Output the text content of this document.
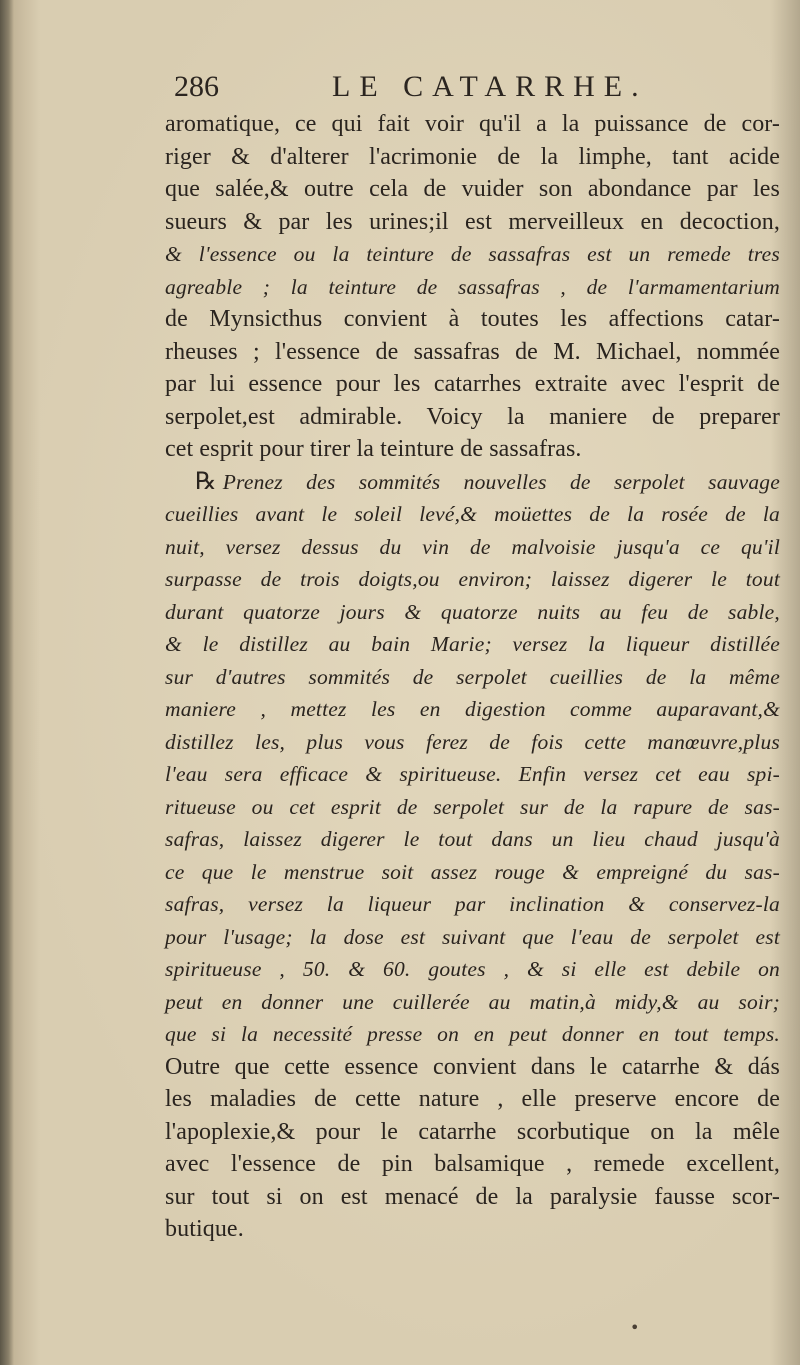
286	LE CATARRHE.
aromatique, ce qui fait voir qu'il a la puissance de cor-
riger & d'alterer l'acrimonie de la limphe, tant acide
que salée,& outre cela de vuider son abondance par les
sueurs & par les urines;il est merveilleux en decoction,
& l'essence ou la teinture de sassafras est un remede tres
agreable ; la teinture de sassafras , de l'armamentarium
de Mynsicthus convient à toutes les affections catar-
rheuses ; l'essence de sassafras de M. Michael, nommée
par lui essence pour les catarrhes extraite avec l'esprit de
serpolet,est admirable. Voicy la maniere de preparer
cet esprit pour tirer la teinture de sassafras.
℞ Prenez des sommités nouvelles de serpolet sauvage
cueillies avant le soleil levé,& moüettes de la rosée de la
nuit, versez dessus du vin de malvoisie jusqu'a ce qu'il
surpasse de trois doigts,ou environ; laissez digerer le tout
durant quatorze jours & quatorze nuits au feu de sable,
& le distillez au bain Marie; versez la liqueur distillée
sur d'autres sommités de serpolet cueillies de la même
maniere , mettez les en digestion comme auparavant,&
distillez les, plus vous ferez de fois cette manœuvre,plus
l'eau sera efficace & spiritueuse. Enfin versez cet eau spi-
ritueuse ou cet esprit de serpolet sur de la rapure de sas-
safras, laissez digerer le tout dans un lieu chaud jusqu'à
ce que le menstrue soit assez rouge & empreigné du sas-
safras, versez la liqueur par inclination & conservez-la
pour l'usage; la dose est suivant que l'eau de serpolet est
spiritueuse , 50. & 60. goutes , & si elle est debile on
peut en donner une cuillerée au matin,à midy,& au soir;
que si la necessité presse on en peut donner en tout temps.
Outre que cette essence convient dans le catarrhe & dás
les maladies de cette nature , elle preserve encore de
l'apoplexie,& pour le catarrhe scorbutique on la mêle
avec l'essence de pin balsamique , remede excellent,
sur tout si on est menacé de la paralysie fausse scor-
butique.
•
